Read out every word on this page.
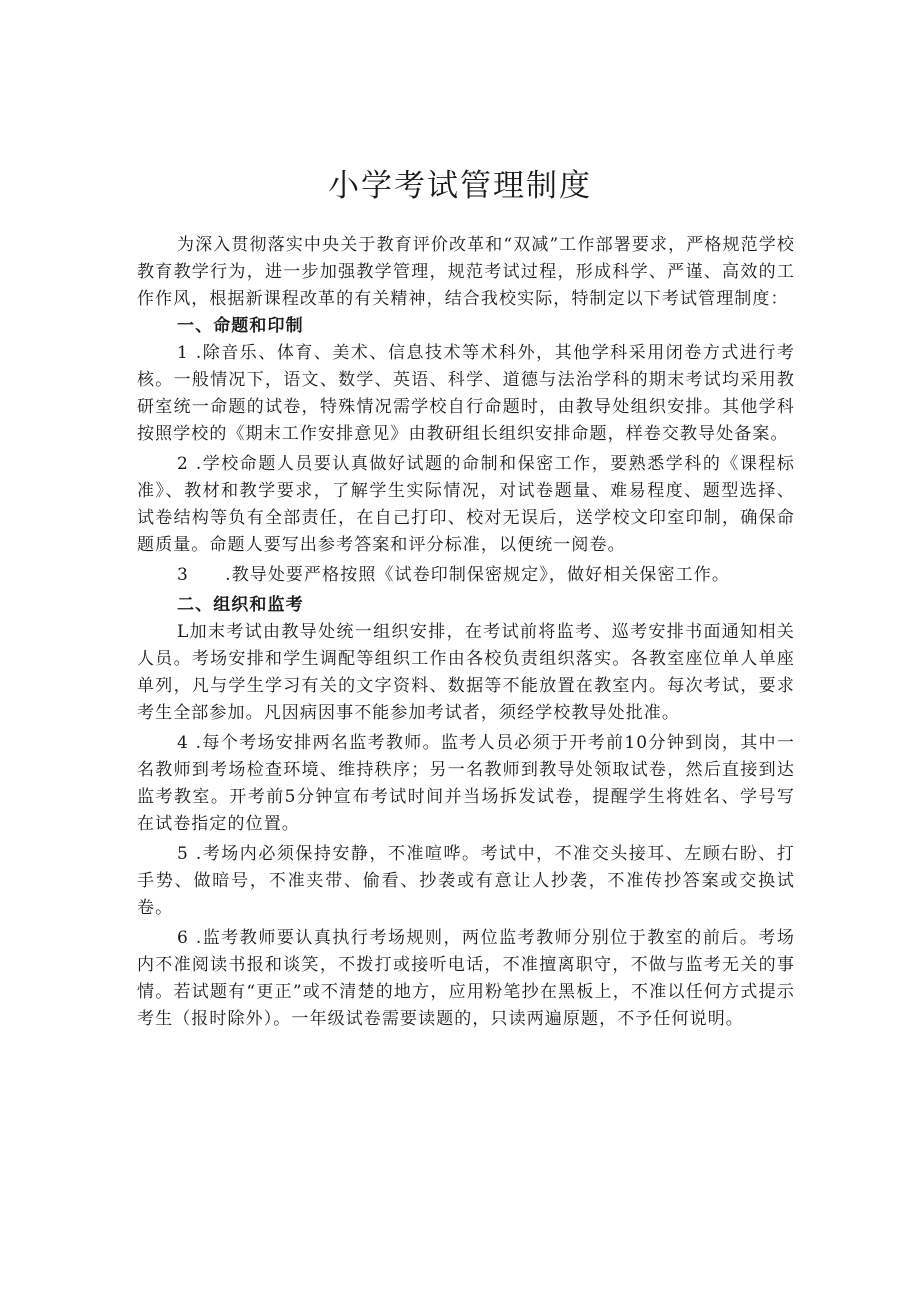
小学考试管理制度

为深入贯彻落实中央关于教育评价改革和“双减”工作部署要求，严格规范学校教育教学行为，进一步加强教学管理，规范考试过程，形成科学、严谨、高效的工作作风，根据新课程改革的有关精神，结合我校实际，特制定以下考试管理制度：

一、命题和印制

1 .除音乐、体育、美术、信息技术等术科外，其他学科采用闭卷方式进行考核。一般情况下，语文、数学、英语、科学、道德与法治学科的期末考试均采用教研室统一命题的试卷，特殊情况需学校自行命题时，由教导处组织安排。其他学科按照学校的《期末工作安排意见》由教研组长组织安排命题，样卷交教导处备案。

2 .学校命题人员要认真做好试题的命制和保密工作，要熟悉学科的《课程标准》、教材和教学要求，了解学生实际情况，对试卷题量、难易程度、题型选择、试卷结构等负有全部责任，在自己打印、校对无误后，送学校文印室印制，确保命题质量。命题人要写出参考答案和评分标准，以便统一阅卷。

3　　.教导处要严格按照《试卷印制保密规定》，做好相关保密工作。

二、组织和监考

L加末考试由教导处统一组织安排，在考试前将监考、巡考安排书面通知相关人员。考场安排和学生调配等组织工作由各校负责组织落实。各教室座位单人单座单列，凡与学生学习有关的文字资料、数据等不能放置在教室内。每次考试，要求考生全部参加。凡因病因事不能参加考试者，须经学校教导处批准。

4 .每个考场安排两名监考教师。监考人员必须于开考前10分钟到岗，其中一名教师到考场检查环境、维持秩序；另一名教师到教导处领取试卷，然后直接到达监考教室。开考前5分钟宣布考试时间并当场拆发试卷，提醒学生将姓名、学号写在试卷指定的位置。

5 .考场内必须保持安静，不准喧哗。考试中，不准交头接耳、左顾右盼、打手势、做暗号，不准夹带、偷看、抄袭或有意让人抄袭，不准传抄答案或交换试卷。

6 .监考教师要认真执行考场规则，两位监考教师分别位于教室的前后。考场内不准阅读书报和谈笑，不拨打或接听电话，不准擅离职守，不做与监考无关的事情。若试题有“更正”或不清楚的地方，应用粉笔抄在黑板上，不准以任何方式提示考生（报时除外）。一年级试卷需要读题的，只读两遍原题，不予任何说明。
